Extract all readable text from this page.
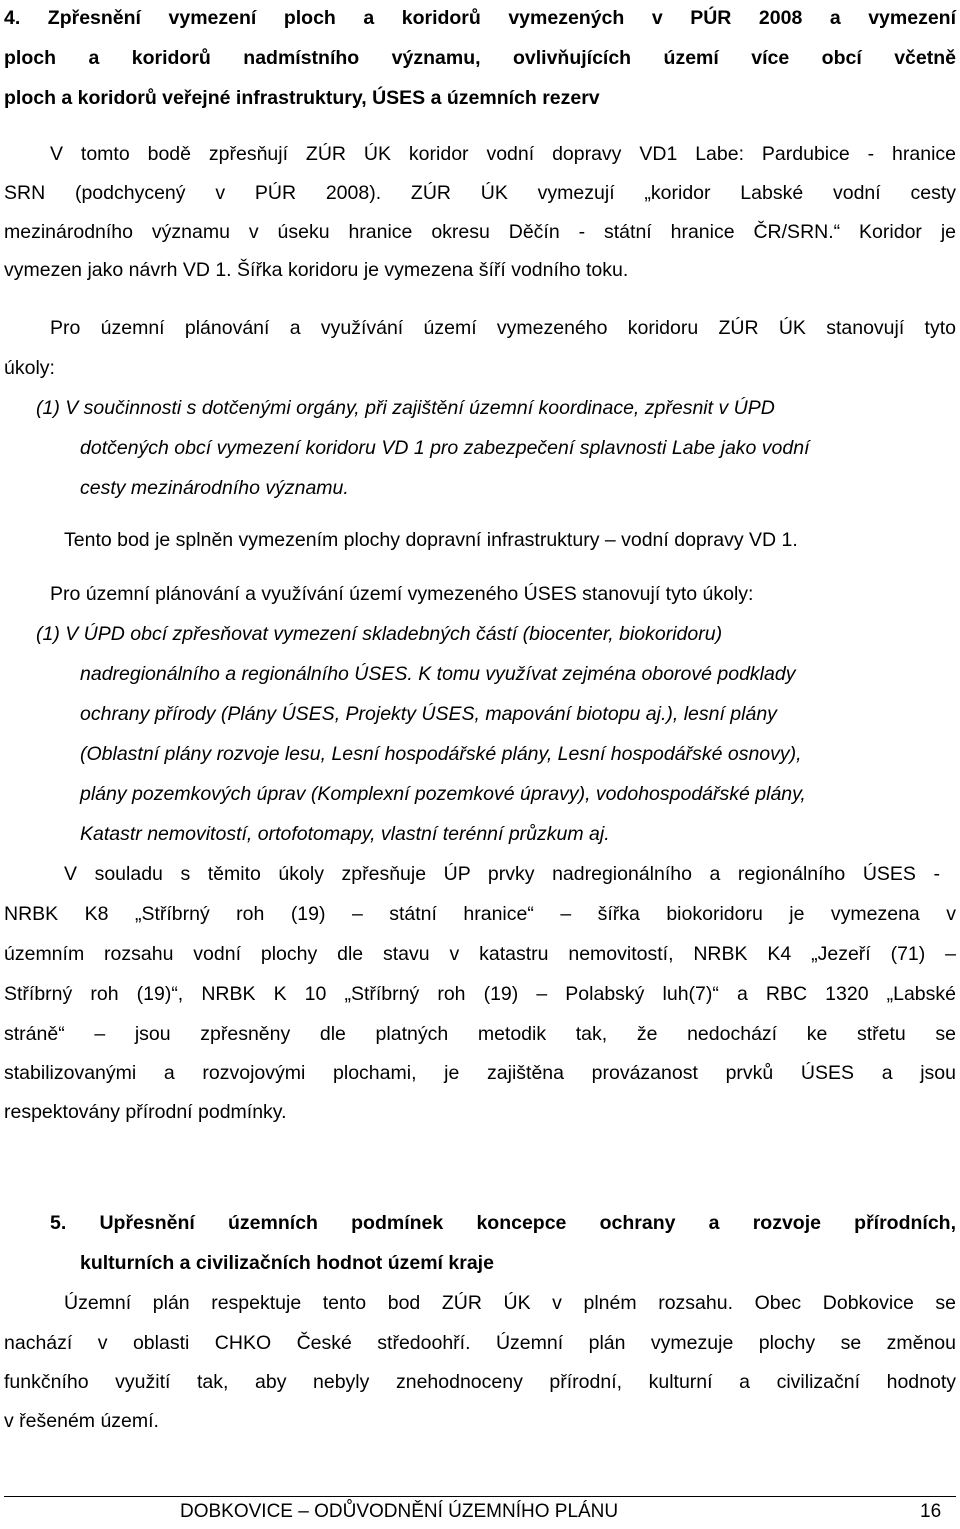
4. Zpřesnění vymezení ploch a koridorů vymezených v PÚR 2008 a vymezení
ploch a koridorů nadmístního významu, ovlivňujících území více obcí včetně
ploch a koridorů veřejné infrastruktury, ÚSES a územních rezerv
V tomto bodě zpřesňují ZÚR ÚK koridor vodní dopravy VD1 Labe: Pardubice - hranice
SRN (podchycený v PÚR 2008). ZÚR ÚK vymezují „koridor Labské vodní cesty
mezinárodního významu v úseku hranice okresu Děčín - státní hranice ČR/SRN.“ Koridor je
vymezen jako návrh VD 1. Šířka koridoru je vymezena šíří vodního toku.
Pro územní plánování a využívání území vymezeného koridoru ZÚR ÚK stanovují tyto
úkoly:
(1) V součinnosti s dotčenými orgány, při zajištění územní koordinace, zpřesnit v ÚPD
dotčených obcí vymezení koridoru VD 1 pro zabezpečení splavnosti Labe jako vodní
cesty mezinárodního významu.
Tento bod je splněn vymezením plochy dopravní infrastruktury – vodní dopravy VD 1.
Pro územní plánování a využívání území vymezeného ÚSES stanovují tyto úkoly:
(1) V ÚPD obcí zpřesňovat vymezení skladebných částí (biocenter, biokoridoru)
nadregionálního a regionálního ÚSES. K tomu využívat zejména oborové podklady
ochrany přírody (Plány ÚSES, Projekty ÚSES, mapování biotopu aj.), lesní plány
(Oblastní plány rozvoje lesu, Lesní hospodářské plány, Lesní hospodářské osnovy),
plány pozemkových úprav (Komplexní pozemkové úpravy), vodohospodářské plány,
Katastr nemovitostí, ortofotomapy, vlastní terénní průzkum aj.
V souladu s těmito úkoly zpřesňuje ÚP prvky nadregionálního a regionálního ÚSES -
NRBK K8 „Stříbrný roh (19) – státní hranice“ – šířka biokoridoru je vymezena v
územním rozsahu vodní plochy dle stavu v katastru nemovitostí, NRBK K4 „Jezeří (71) –
Stříbrný roh (19)“, NRBK K 10 „Stříbrný roh (19) – Polabský luh(7)“ a RBC 1320 „Labské
stráně“ – jsou zpřesněny dle platných metodik tak, že nedochází ke střetu se
stabilizovanými a rozvojovými plochami, je zajištěna provázanost prvků ÚSES a jsou
respektovány přírodní podmínky.
5. Upřesnění územních podmínek koncepce ochrany a rozvoje přírodních,
kulturních a civilizačních hodnot území kraje
Územní plán respektuje tento bod ZÚR ÚK v plném rozsahu. Obec Dobkovice se
nachází v oblasti CHKO České středoohří. Územní plán vymezuje plochy se změnou
funkčního využití tak, aby nebyly znehodnoceny přírodní, kulturní a civilizační hodnoty
v řešeném území.
DOBKOVICE – ODŮVODNĚNÍ ÚZEMNÍHO PLÁNU	16
